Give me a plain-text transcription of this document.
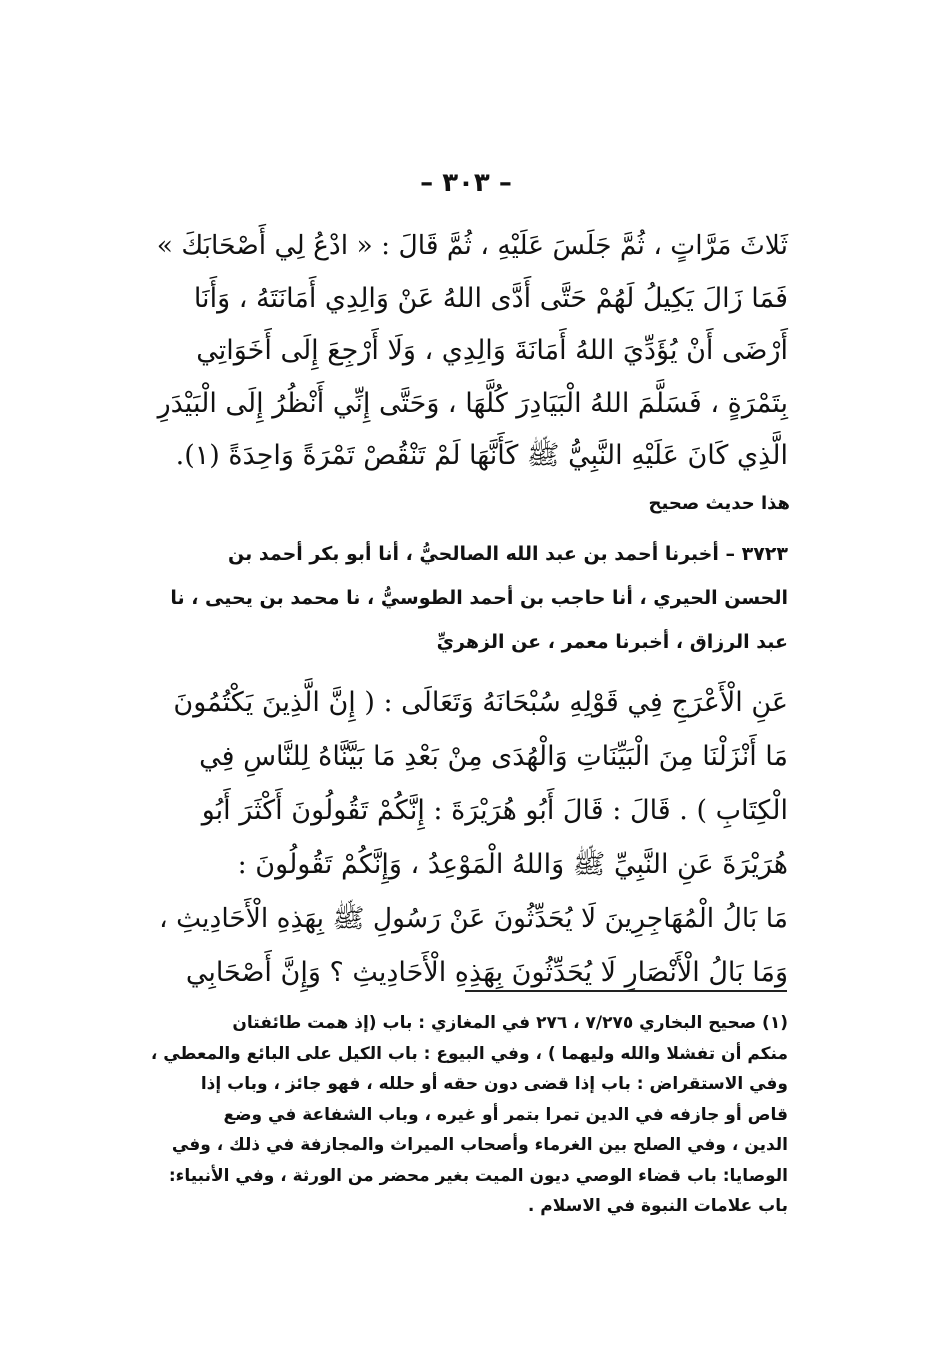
– ٣٠٣ –
ثَلاثَ مَرَّاتٍ ، ثُمَّ جَلَسَ عَلَيْهِ ، ثُمَّ قَالَ : « ادْعُ لِي أَصْحَابَكَ »
فَمَا زَالَ يَكِيلُ لَهُمْ حَتَّى أَدَّى اللهُ عَنْ وَالِدِي أَمَانَتَهُ ، وَأَنَا
أَرْضَى أَنْ يُؤَدِّيَ اللهُ أَمَانَةَ وَالِدِي ، وَلَا أَرْجِعَ إِلَى أَخَوَاتِي
بِتَمْرَةٍ ، فَسَلَّمَ اللهُ الْبَيَادِرَ كُلَّهَا ، وَحَتَّى إِنِّي أَنْظُرُ إِلَى الْبَيْدَرِ
الَّذِي كَانَ عَلَيْهِ النَّبِيُّ ﷺ كَأَنَّهَا لَمْ تَنْقُصْ تَمْرَةً وَاحِدَةً (١).
هذا حديث صحيح
٣٧٢٣ – أخبرنا أحمد بن عبد الله الصالحيُّ ، أنا أبو بكر أحمد بن
الحسن الحيري ، أنا حاجب بن أحمد الطوسيُّ ، نا محمد بن يحيى ، نا
عبد الرزاق ، أخبرنا معمر ، عن الزهريِّ
عَنِ الْأَعْرَجِ فِي قَوْلِهِ سُبْحَانَهُ وَتَعَالَى : ( إِنَّ الَّذِينَ يَكْتُمُونَ
مَا أَنْزَلْنَا مِنَ الْبَيِّنَاتِ وَالْهُدَى مِنْ بَعْدِ مَا بَيَّنَّاهُ لِلنَّاسِ فِي
الْكِتَابِ ) . قَالَ : قَالَ أَبُو هُرَيْرَةَ : إِنَّكُمْ تَقُولُونَ أَكْثَرَ أَبُو
هُرَيْرَةَ عَنِ النَّبِيِّ ﷺ وَاللهُ الْمَوْعِدُ ، وَإِنَّكُمْ تَقُولُونَ :
مَا بَالُ الْمُهَاجِرِينَ لَا يُحَدِّثُونَ عَنْ رَسُولِ ﷺ بِهَذِهِ الْأَحَادِيثِ ،
وَمَا بَالُ الْأَنْصَارِ لَا يُحَدِّثُونَ بِهَذِهِ الْأَحَادِيثِ ؟ وَإِنَّ أَصْحَابِي
(١) صحيح البخاري ٧/٢٧٥ ، ٢٧٦ في المغازي : باب (إذ همت طائفتان
منكم أن تفشلا والله وليهما ) ، وفي البيوع : باب الكيل على البائع والمعطي ،
وفي الاستقراض : باب إذا قضى دون حقه أو حلله ، فهو جائز ، وباب إذا
قاص أو جازفه في الدين تمرا بتمر أو غيره ، وباب الشفاعة في وضع
الدين ، وفي الصلح بين الغرماء وأصحاب الميراث والمجازفة في ذلك ، وفي
الوصايا: باب قضاء الوصي ديون الميت بغير محضر من الورثة ، وفي الأنبياء:
باب علامات النبوة في الاسلام .
